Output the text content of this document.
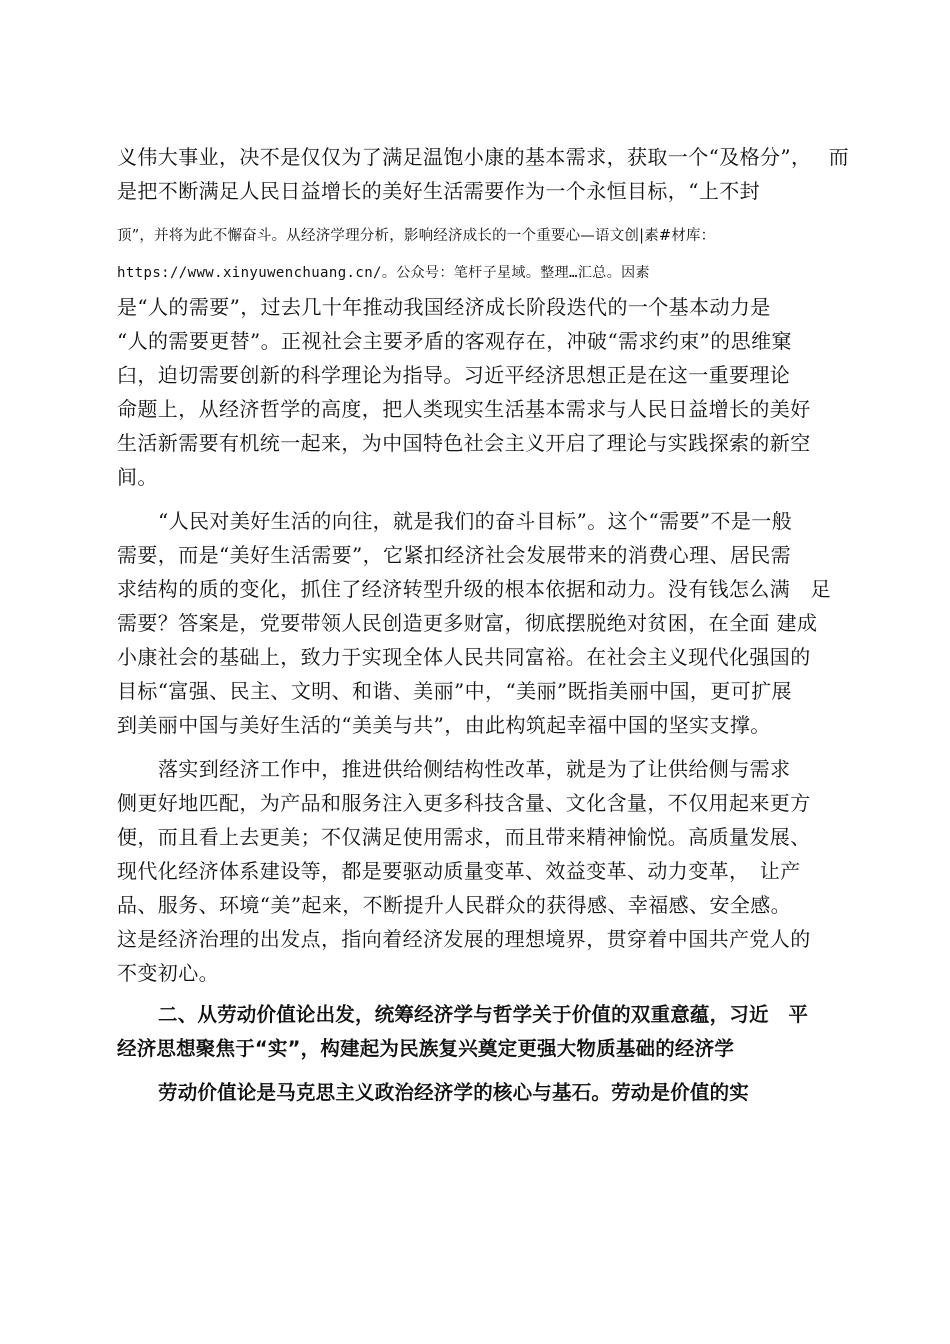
义伟大事业，决不是仅仅为了满足温饱小康的基本需求，获取一个“及格分”，　 而
是把不断满足人民日益增长的美好生活需要作为一个永恒目标，“上不封
顶”，并将为此不懈奋斗。从经济学理分析，影响经济成长的一个重要心—语文创|素#材库：
https://www.xinyuwenchuang.cn/。公众号：笔杆子星域。整理…汇总。因素
是“人的需要”，过去几十年推动我国经济成长阶段迭代的一个基本动力是
“人的需要更替”。正视社会主要矛盾的客观存在，冲破“需求约束”的思维窠
臼，迫切需要创新的科学理论为指导。习近平经济思想正是在这一重要理论
命题上，从经济哲学的高度，把人类现实生活基本需求与人民日益增长的美好
生活新需要有机统一起来，为中国特色社会主义开启了理论与实践探索的新空
间。
“人民对美好生活的向往，就是我们的奋斗目标”。这个“需要”不是一般
需要，而是“美好生活需要”，它紧扣经济社会发展带来的消费心理、居民需
求结构的质的变化，抓住了经济转型升级的根本依据和动力。没有钱怎么满　足
需要？答案是，党要带领人民创造更多财富，彻底摆脱绝对贫困，在全面 建成
小康社会的基础上，致力于实现全体人民共同富裕。在社会主义现代化强国的
目标“富强、民主、文明、和谐、美丽”中，“美丽”既指美丽中国，更可扩展
到美丽中国与美好生活的“美美与共”，由此构筑起幸福中国的坚实支撑。
落实到经济工作中，推进供给侧结构性改革，就是为了让供给侧与需求
侧更好地匹配，为产品和服务注入更多科技含量、文化含量，不仅用起来更方
便，而且看上去更美；不仅满足使用需求，而且带来精神愉悦。高质量发展、
现代化经济体系建设等，都是要驱动质量变革、效益变革、动力变革，　让产
品、服务、环境“美”起来，不断提升人民群众的获得感、幸福感、安全感。
这是经济治理的出发点，指向着经济发展的理想境界，贯穿着中国共产党人的
不变初心。
二、从劳动价值论出发，统筹经济学与哲学关于价值的双重意蕴，习近　平
经济思想聚焦于“实”，构建起为民族复兴奠定更强大物质基础的经济学
劳动价值论是马克思主义政治经济学的核心与基石。劳动是价值的实
